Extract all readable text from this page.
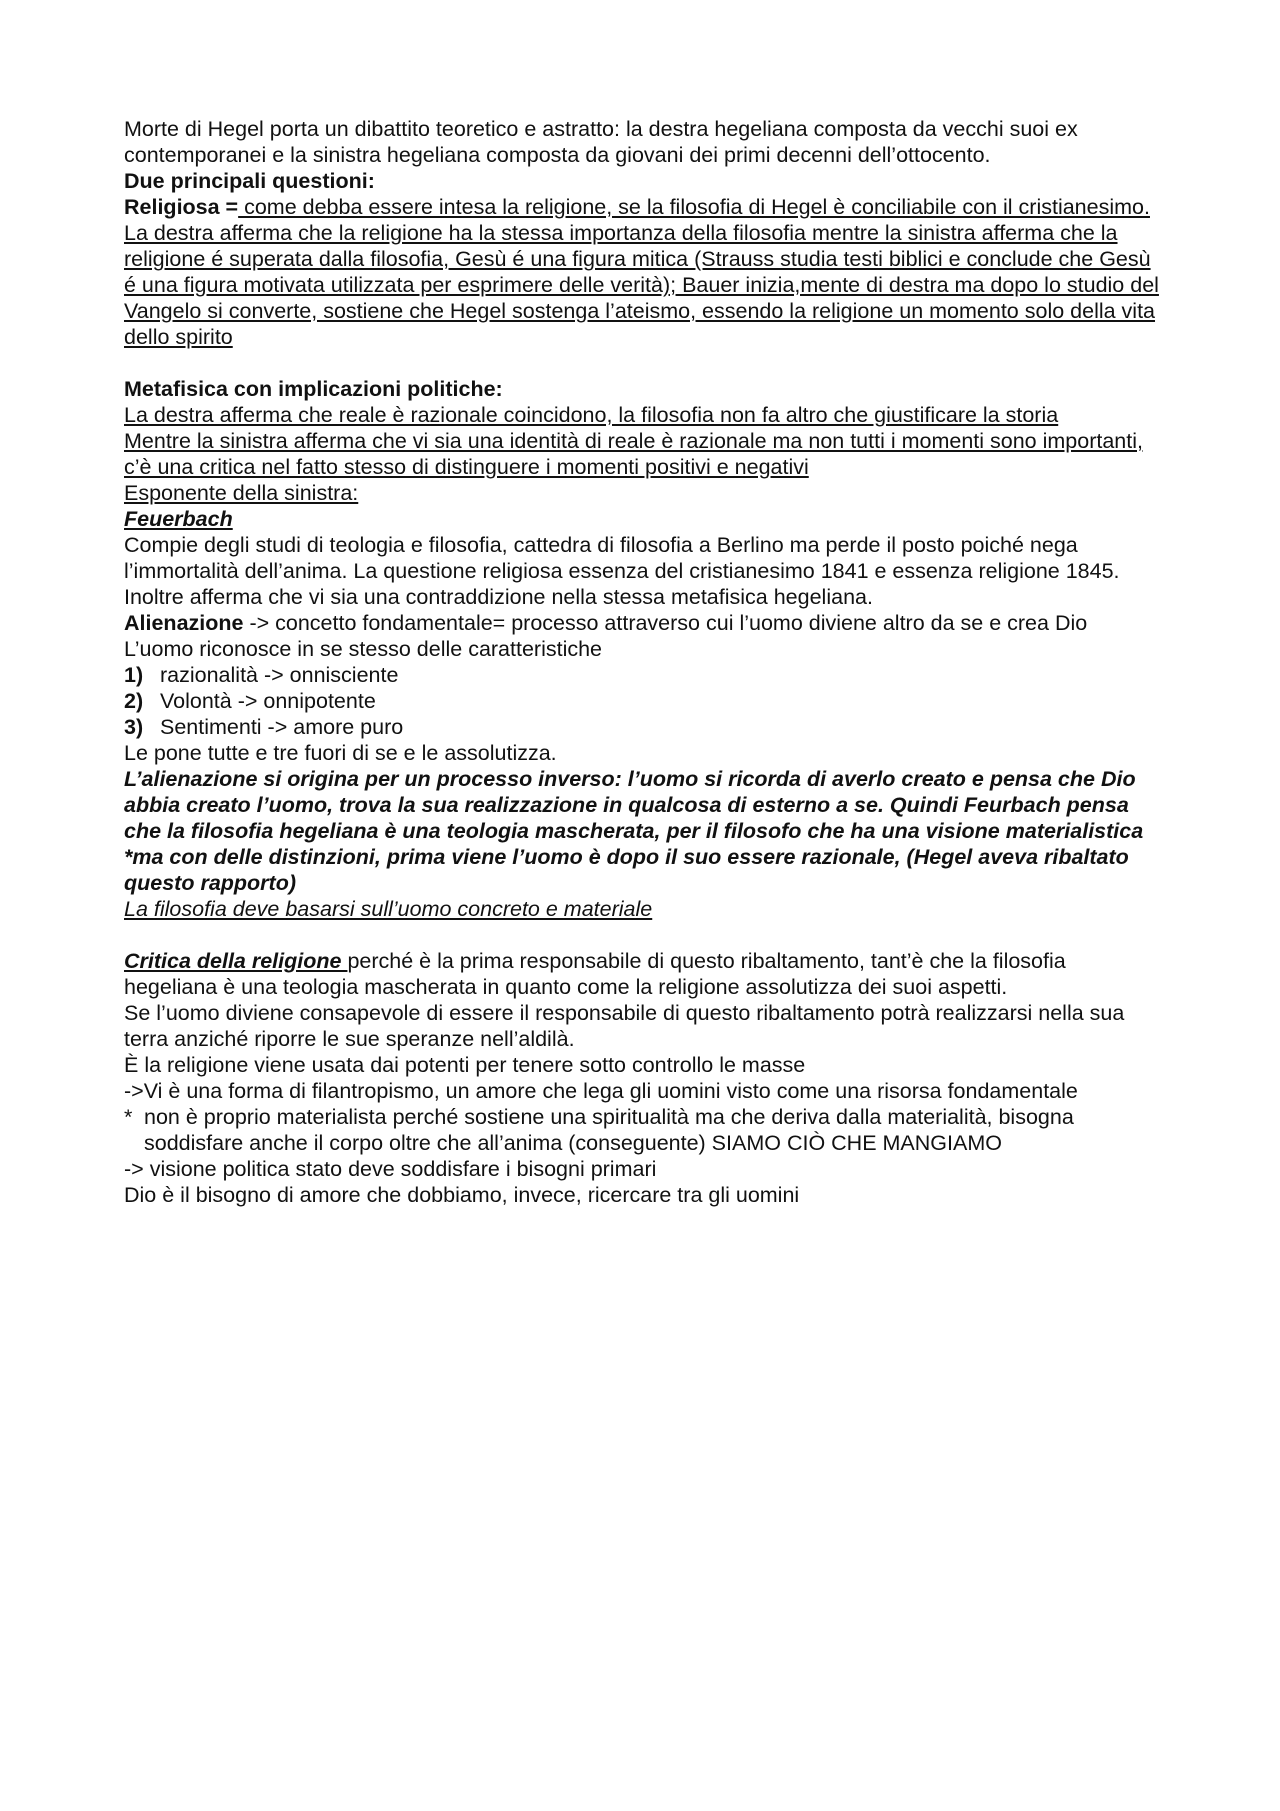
Morte di Hegel porta un dibattito teoretico e astratto: la destra hegeliana composta da vecchi suoi ex contemporanei e la sinistra hegeliana composta da giovani dei primi decenni dell’ottocento.

Due principali questioni:

Religiosa = come debba essere intesa la religione, se la filosofia di Hegel è conciliabile con il cristianesimo.

La destra afferma che la religione ha la stessa importanza della filosofia mentre la sinistra afferma che la religione é superata dalla filosofia, Gesù é una figura mitica (Strauss studia testi biblici e conclude che Gesù é una figura motivata utilizzata per esprimere delle verità); Bauer inizia,mente di destra ma dopo lo studio del Vangelo si converte, sostiene che Hegel sostenga l’ateismo, essendo la religione un momento solo della vita dello spirito

Metafisica con implicazioni politiche:

La destra afferma che reale è razionale coincidono, la filosofia non fa altro che giustificare la storia

Mentre la sinistra afferma che vi sia una identità di reale è razionale ma non tutti i momenti sono importanti, c’è una critica nel fatto stesso di distinguere i momenti positivi e negativi

Esponente della sinistra:

Feuerbach

Compie degli studi di teologia e filosofia, cattedra di filosofia a Berlino ma perde il posto poiché nega l’immortalità dell’anima. La questione religiosa essenza del cristianesimo 1841 e essenza religione 1845.

Inoltre afferma che vi sia una contraddizione nella stessa metafisica hegeliana.

Alienazione -> concetto fondamentale= processo attraverso cui l’uomo diviene altro da se e crea Dio

L’uomo riconosce in se stesso delle caratteristiche

1) razionalità -> onnisciente

2) Volontà -> onnipotente

3) Sentimenti -> amore puro

Le pone tutte e tre fuori di se e le assolutizza.

L’alienazione si origina per un processo inverso: l’uomo si ricorda di averlo creato e pensa che Dio abbia creato l’uomo, trova la sua realizzazione in qualcosa di esterno a se. Quindi Feurbach pensa che la filosofia hegeliana è una teologia mascherata, per il filosofo che ha una visione materialistica *ma con delle distinzioni, prima viene l’uomo è dopo il suo essere razionale, (Hegel aveva ribaltato questo rapporto)

La filosofia deve basarsi sull’uomo concreto e materiale

Critica della religione perché è la prima responsabile di questo ribaltamento, tant’è che la filosofia hegeliana è una teologia mascherata in quanto come la religione assolutizza dei suoi aspetti.

Se l’uomo diviene consapevole di essere il responsabile di questo ribaltamento potrà realizzarsi nella sua terra anziché riporre le sue speranze nell’aldilà.

È la religione viene usata dai potenti per tenere sotto controllo le masse

->Vi è una forma di filantropismo, un amore che lega gli uomini visto come una risorsa fondamentale

* non è proprio materialista perché sostiene una spiritualità ma che deriva dalla materialità, bisogna soddisfare anche il corpo oltre che all’anima (conseguente) SIAMO CIÒ CHE MANGIAMO

-> visione politica stato deve soddisfare i bisogni primari

Dio è il bisogno di amore che dobbiamo, invece, ricercare tra gli uomini
